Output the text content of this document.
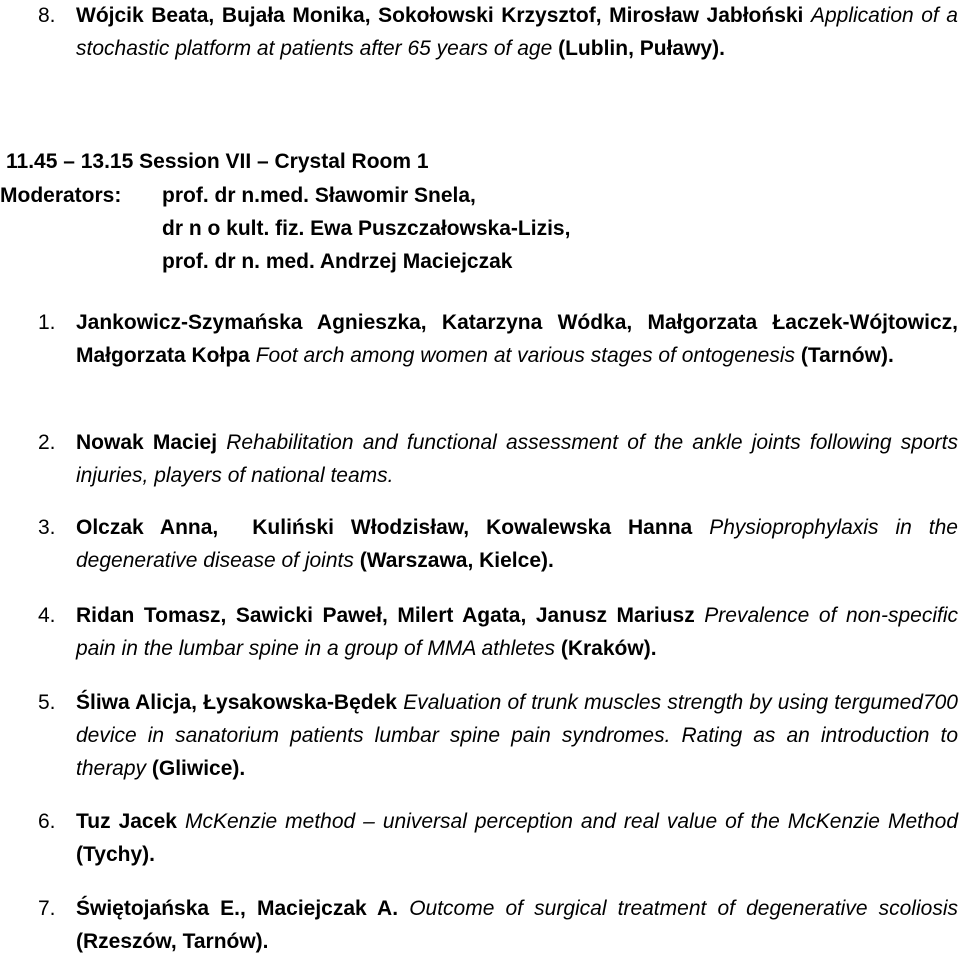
8. Wójcik Beata, Bujała Monika, Sokołowski Krzysztof, Mirosław Jabłoński Application of a stochastic platform at patients after 65 years of age (Lublin, Puławy).
11.45 – 13.15 Session VII – Crystal Room 1
Moderators: prof. dr n.med. Sławomir Snela,
dr n o kult. fiz. Ewa Puszczałowska-Lizis,
prof. dr n. med. Andrzej Maciejczak
1. Jankowicz-Szymańska Agnieszka, Katarzyna Wódka, Małgorzata Łaczek-Wójtowicz, Małgorzata Kołpa Foot arch among women at various stages of ontogenesis (Tarnów).
2. Nowak Maciej Rehabilitation and functional assessment of the ankle joints following sports injuries, players of national teams.
3. Olczak Anna,  Kuliński Włodzisław, Kowalewska Hanna Physioprophylaxis in the degenerative disease of joints (Warszawa, Kielce).
4. Ridan Tomasz, Sawicki Paweł, Milert Agata, Janusz Mariusz Prevalence of non-specific pain in the lumbar spine in a group of MMA athletes (Kraków).
5. Śliwa Alicja, Łysakowska-Będek Evaluation of trunk muscles strength by using tergumed700 device in sanatorium patients lumbar spine pain syndromes. Rating as an introduction to therapy (Gliwice).
6. Tuz Jacek McKenzie method – universal perception and real value of the McKenzie Method (Tychy).
7. Świętojańska E., Maciejczak A. Outcome of surgical treatment of degenerative scoliosis (Rzeszów, Tarnów).
